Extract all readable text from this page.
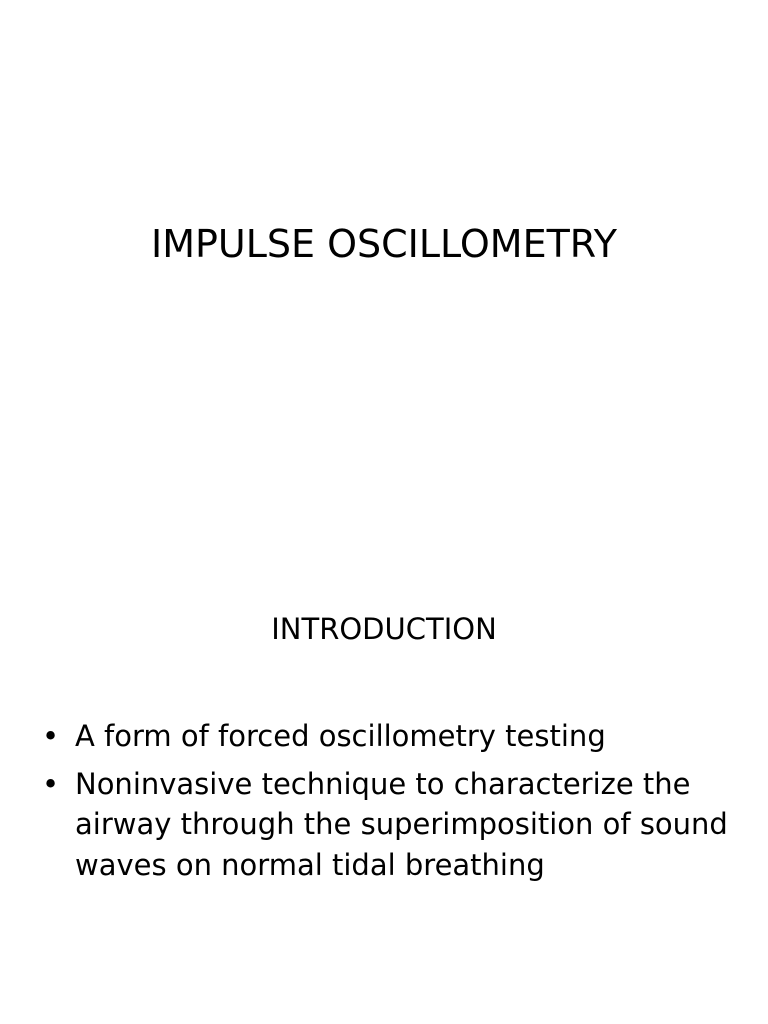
IMPULSE OSCILLOMETRY
INTRODUCTION
• A form of forced oscillometry testing
• Noninvasive technique to characterize the airway through the superimposition of sound waves on normal tidal breathing
